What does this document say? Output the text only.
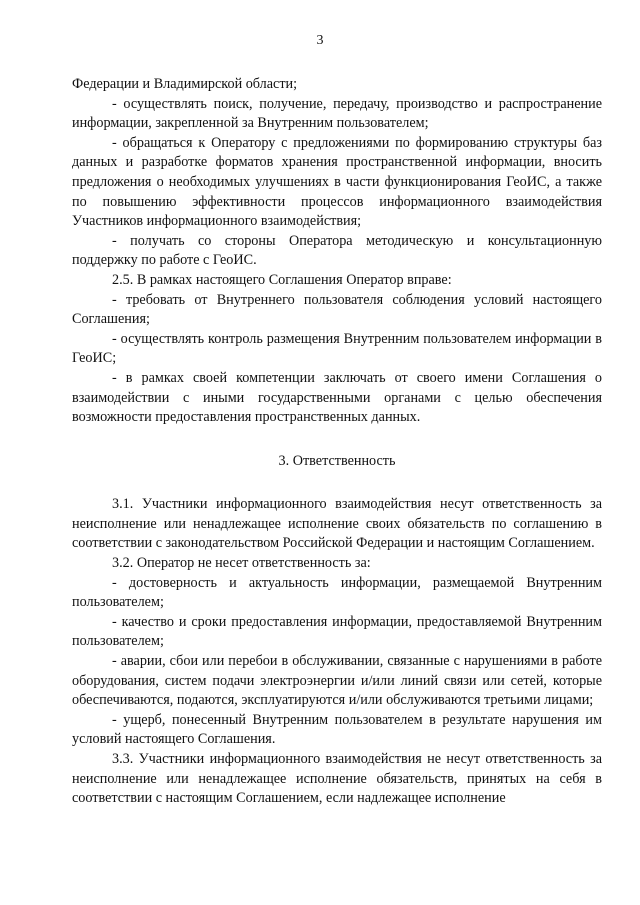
3

Федерации и Владимирской области;

- осуществлять поиск, получение, передачу, производство и распространение информации, закрепленной за Внутренним пользователем;

- обращаться к Оператору с предложениями по формированию структуры баз данных и разработке форматов хранения пространственной информации, вносить предложения о необходимых улучшениях в части функционирования ГеоИС, а также по повышению эффективности процессов информационного взаимодействия Участников информационного взаимодействия;

- получать со стороны Оператора методическую и консультационную поддержку по работе с ГеоИС.

2.5. В рамках настоящего Соглашения Оператор вправе:

- требовать от Внутреннего пользователя соблюдения условий настоящего Соглашения;

- осуществлять контроль размещения Внутренним пользователем информации в ГеоИС;

- в рамках своей компетенции заключать от своего имени Соглашения о взаимодействии с иными государственными органами с целью обеспечения возможности предоставления пространственных данных.

3. Ответственность

3.1. Участники информационного взаимодействия несут ответственность за неисполнение или ненадлежащее исполнение своих обязательств по соглашению в соответствии с законодательством Российской Федерации и настоящим Соглашением.

3.2. Оператор не несет ответственность за:

- достоверность и актуальность информации, размещаемой Внутренним пользователем;

- качество и сроки предоставления информации, предоставляемой Внутренним пользователем;

- аварии, сбои или перебои в обслуживании, связанные с нарушениями в работе оборудования, систем подачи электроэнергии и/или линий связи или сетей, которые обеспечиваются, подаются, эксплуатируются и/или обслуживаются третьими лицами;

- ущерб, понесенный Внутренним пользователем в результате нарушения им условий настоящего Соглашения.

3.3. Участники информационного взаимодействия не несут ответственность за неисполнение или ненадлежащее исполнение обязательств, принятых на себя в соответствии с настоящим Соглашением, если надлежащее исполнение
